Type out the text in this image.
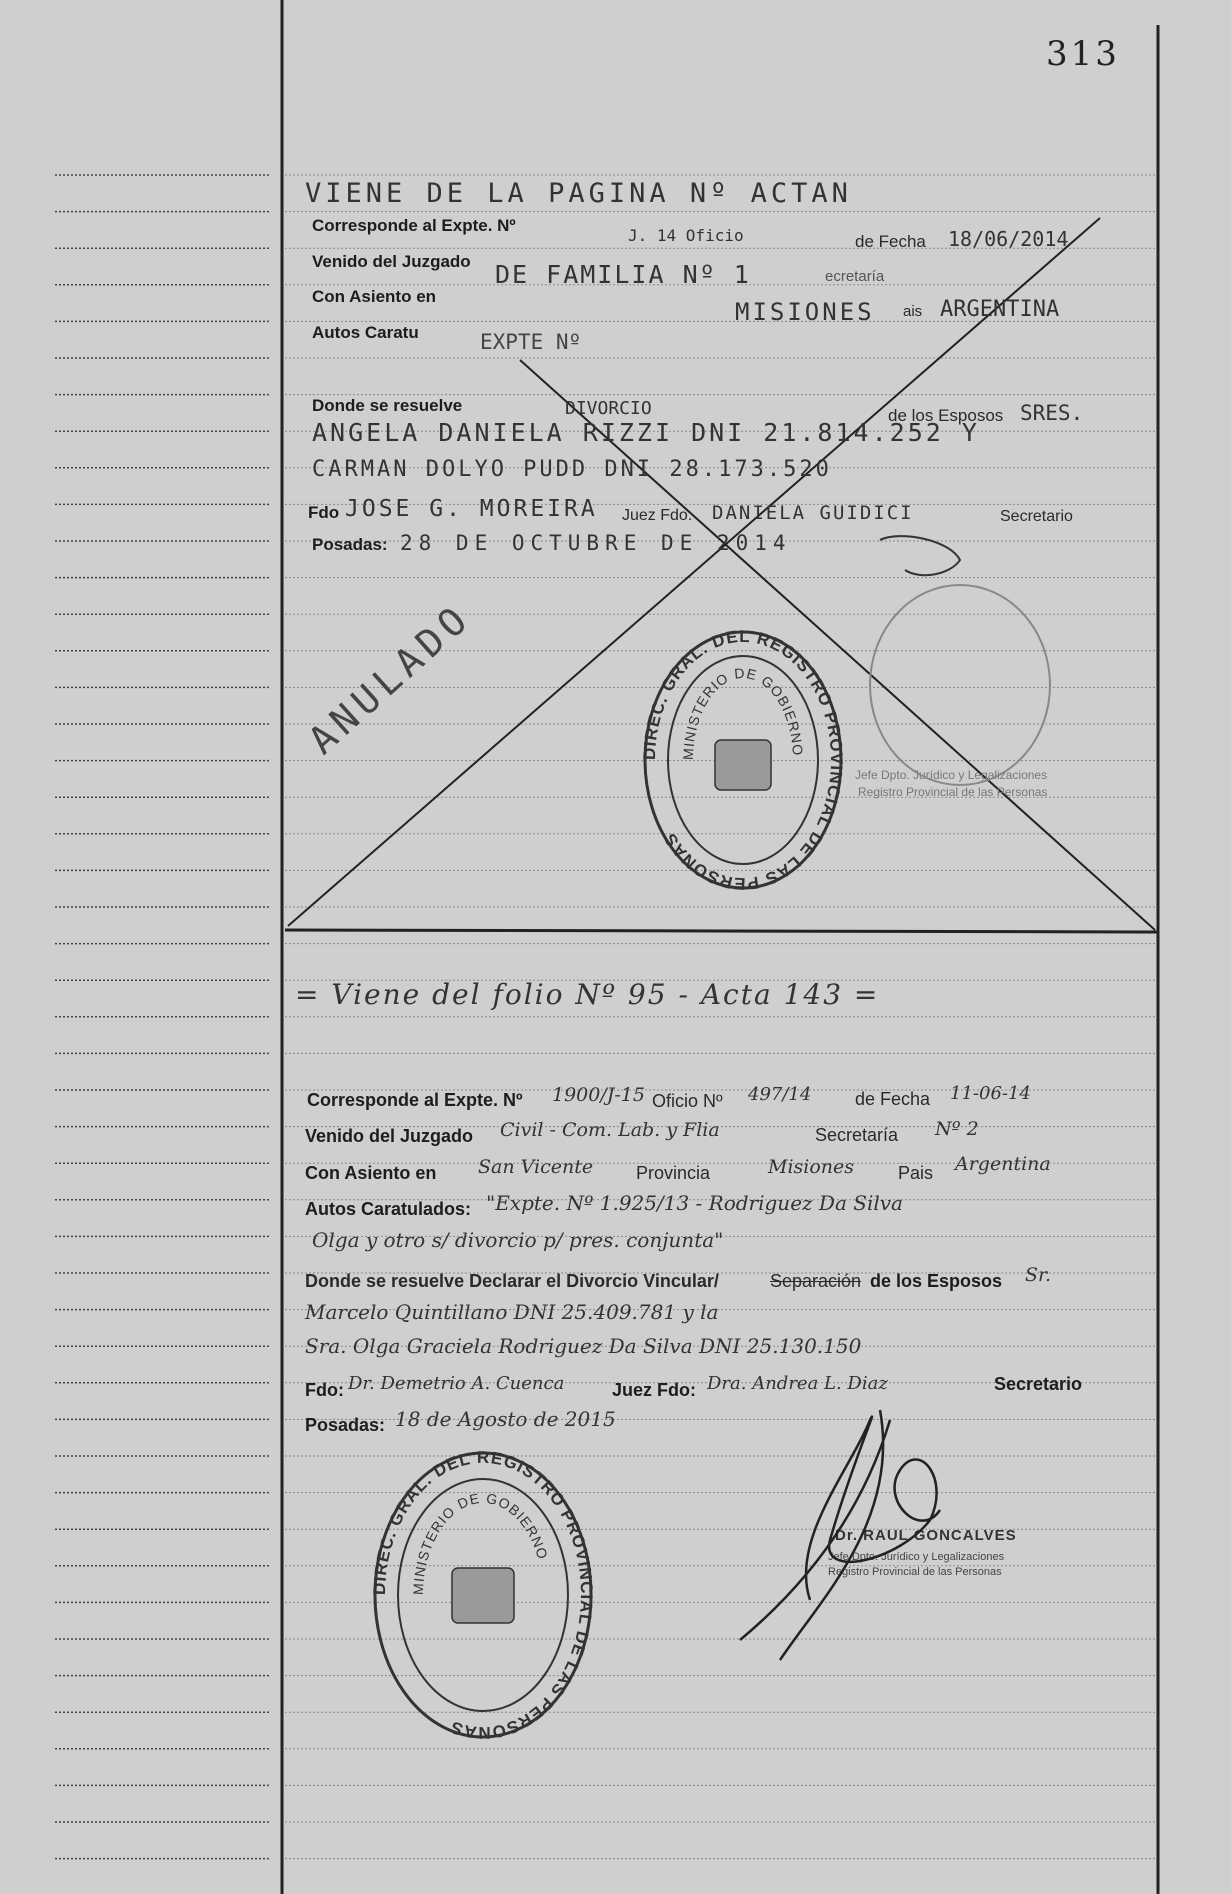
313
VIENE DE LA PAGINA Nº ACTAN
Corresponde al Expte. Nº
J. 14 Oficio	de Fecha 18/06/2014
Venido del Juzgado DE FAMILIA Nº 1	ecretaría
Con Asiento en
MISIONES ais ARGENTINA
Autos Caratu	EXPTE Nº
Donde se resuelve	DIVORCIO	de los Esposos SRES.
ANGELA DANIELA RIZZI DNI 21.814.252 Y
CARMAN DOLYO PUDD DNI 28.173.520
Fdo JOSE G. MOREIRA Juez Fdo: DANIELA GUIDICI	Secretario
Posadas: 28 DE OCTUBRE DE 2014
ANULADO
Jefe Dpto. Jurídico y Legalizaciones
Registro Provincial de las Personas
= Viene del folio Nº 95 - Acta 143 =
Corresponde al Expte. Nº 1900/J-15 Oficio Nº 497/14 de Fecha 11-06-14
Venido del Juzgado Civil - Com. Lab. y Flia	Secretaría Nº 2
Con Asiento en San Vicente Provincia	Misiones Pais Argentina
Autos Caratulados: "Expte. Nº 1.925/13 - Rodriguez Da Silva
Olga y otro s/ divorcio p/ pres. conjunta"
Donde se resuelve Declarar el Divorcio Vincular/	Separación de los Esposos Sr.
Marcelo Quintillano DNI 25.409.781 y la
Sra. Olga Graciela Rodriguez Da Silva DNI 25.130.150
Fdo: Dr. Demetrio A. Cuenca	Juez Fdo: Dra. Andrea L. Diaz	Secretario
Posadas: 18 de Agosto de 2015
Dr. RAUL GONCALVES
Jefe Dpto. Jurídico y Legalizaciones
Registro Provincial de las Personas
DIREC. GRAL. DEL REGISTRO PROVINCIAL DE LAS PERSONAS
MINISTERIO DE GOBIERNO
DIREC. GRAL. DEL REGISTRO PROVINCIAL DE LAS PERSONAS
MINISTERIO DE GOBIERNO
